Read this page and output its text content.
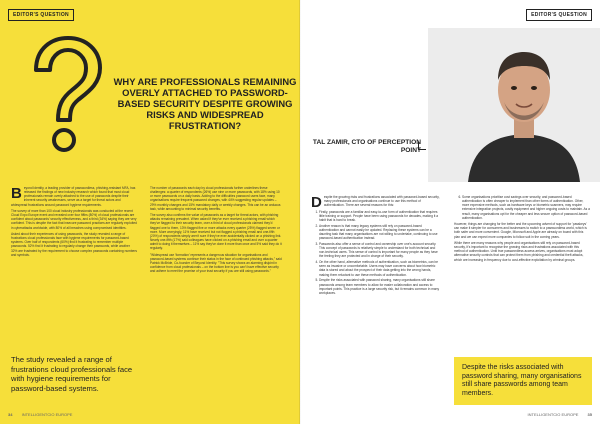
EDITOR'S QUESTION
WHY ARE PROFESSIONALS REMAINING OVERLY ATTACHED TO PASSWORD-BASED SECURITY DESPITE GROWING RISKS AND WIDESPREAD FRUSTRATION?

Beyond Identity, a leading provider of passwordless, phishing-resistant MFA, has released the findings of new industry research which found that most cloud professionals remain overly attached to the use of passwords despite their inherent security weaknesses, serve as a target for threat actors and widespread frustrations around password hygiene requirements.

The survey of more than 100 cloud industry professionals was conducted at the recent Cloud Expo Europe event and revealed over four fifths (80%) of cloud professionals are confident about passwords' security effectiveness, and a third (34%) saying they are very confident. This is despite the fact that insecure password practices are regularly exploited in cyberattacks worldwide, with 80% of all breaches using compromised identities.

Asked about their experiences of using passwords, the study revealed a range of frustrations cloud professionals face with hygiene requirements for password-based systems. Over half of respondents (60%) find it frustrating to remember multiple passwords. 52% find it frustrating to regularly change their passwords, while another 32% are frustrated by the requirement to choose complex passwords containing numbers and symbols.

The number of passwords each day by cloud professionals further underlines these challenges: a quarter of respondents (26%) use nine or more passwords, with 18% using 10 or more passwords on a daily basis. Adding to the difficulties password users face, many organisations require frequent password changes, with 44% suggesting regular updates – 29% monthly changes and 15% mandatory daily or weekly changes. This can be an arduous task, while amounting to minimal security benefits.

The survey also confirms the value of passwords as a target for threat actors, with phishing attacks remaining prevalent. When asked if they've ever received a phishing email which they've flagged to their security team, over a third of cloud professionals claimed they'd flagged one to them, 13% flagged five or more attacks every quarter (25%) flagged seven or more. More worryingly, 11% have received but not flagged a phishing email and one-fifth (20%) of respondents simply aren't sure if they've ever accidentally clicked on a phishing link. Nearly one-fifth (17%) said colleagues have clicked on a phishing email and over a quarter admit to doing it themselves – 11% say they've done it more than once and 5% said they do it regularly.

"Widespread use 'formation' represents a dangerous situation for organisations and password-based systems continue their status in the face of continued phishing attacks," said Patrick McBride, Co-founder of Beyond Identity. "This survey shows an alarming disjoint in confidence from cloud professionals – on the bottom line is you can't have effective security and adhere to meet the promise of your trust security if you are still using passwords."

The study revealed a range of frustrations cloud professionals face with hygiene requirements for password-based systems.
34 INTELLIGENTCIO EUROPE
EDITOR'S QUESTION
TAL ZAMIR, CTO OF PERCEPTION POINT

Despite the growing risks and frustrations associated with password-based security, many professionals and organisations continue to use this method of authentication. There are several reasons for this:

1. Firstly, passwords are a familiar and easy-to-use form of authentication that requires little training or support. People have been using passwords for decades, making it a habit that is hard to break.
2. Another reason is that many legacy systems still rely on password-based authentication and cannot easily be updated. Replacing these systems can be a daunting task that many organisations are not willing to undertake, continuing to use password-based authentication instead.
3. Passwords also offer a sense of control and ownership over one's account security. This concept of passwords is relatively simple to understand for both technical and non-technical users. This sense of control is important for many people as they have the feeling they are protected and in charge of their security.
4. On the other hand, alternative methods of authentication, such as biometrics, can be seen as invasive or uncomfortable. Users may have concerns about how biometric data is stored and about the prospect of their data getting into the wrong hands, making them reluctant to use these methods of authentication.
5. Despite the risks associated with password sharing, many organisations still share passwords among team members to allow for easier collaboration and access to important points. This practice is a large security risk, but it remains common in many workplaces.
6. Some organisations prioritise cost savings over security, and password-based authentication is often cheaper to implement than other forms of authentication. Other, more expensive methods, such as hardware keys or biometric scanners, may require extensive integration projects, costly equipment and higher ongoing costs to maintain. As a result, many organisations opt for the cheaper and less secure option of password-based authentication.

However, things are changing for the better and the upcoming advent of support for 'passkeys' can make it simpler for consumers and businesses to switch to a passwordless world, which is both safer and more convenient. Google, Microsoft and Apple are already on board with this plan and we can expect more companies to follow suit in the coming years.

While there are many reasons why people and organisations still rely on password-based security, it's important to recognise the growing risks and frustrations associated with this method of authentication. Until true passwordless access arrives, organisations must adopt alternative security controls that can protect them from phishing and credential theft attacks, which are increasing in frequency due to cost-effective exploitation by criminal groups.

Despite the risks associated with password sharing, many organisations still share passwords among team members.
INTELLIGENTCIO EUROPE 35
